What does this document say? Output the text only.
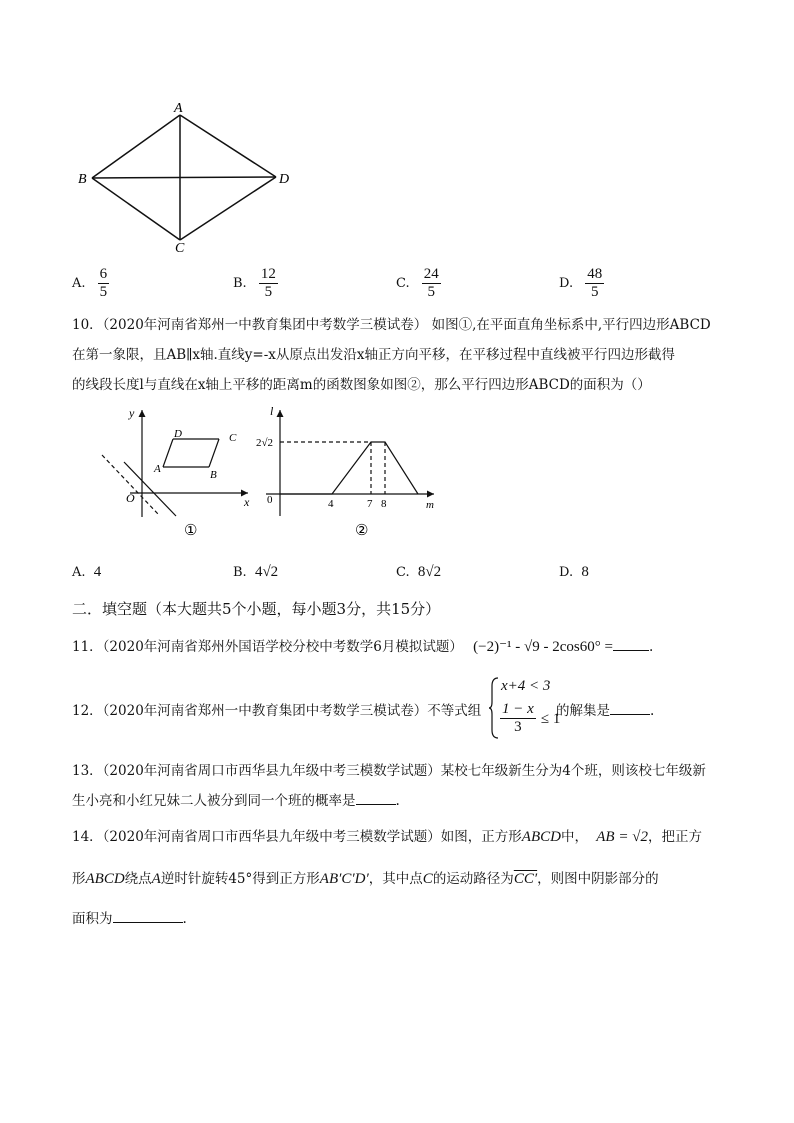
A
B
C
D
A. $\frac{6}{5}$	B. $\frac{12}{5}$	C. $\frac{24}{5}$	D. $\frac{48}{5}$
10．（2020年河南省郑州一中教育集团中考数学三模试卷） 如图①,在平面直角坐标系中,平行四边形ABCD
在第一象限，且AB∥x轴.直线y=-x从原点出发沿x轴正方向平移，在平移过程中直线被平行四边形截得
的线段长度l与直线在x轴上平移的距离m的函数图象如图②，那么平行四边形ABCD的面积为（）
y
x
O
A	B
C
D
①
l
m
0
2√2
4	7 8
②
A. 4	B. 4√2	C. 8√2	D. 8
二．填空题（本大题共5个小题，每小题3分，共15分）
11．（2020年河南省郑州外国语学校分校中考数学6月模拟试题） (−2)⁻¹ - √9 - 2cos60° =	.
12．（2020年河南省郑州一中教育集团中考数学三模试卷）不等式组
x+4 < 3
$\frac{1 - x}{3} \le 1$
的解集是	.
13．（2020年河南省周口市西华县九年级中考三模数学试题）某校七年级新生分为4个班，则该校七年级新
生小亮和小红兄妹二人被分到同一个班的概率是	.
14．（2020年河南省周口市西华县九年级中考三模数学试题）如图，正方形ABCD中， AB = √2，把正方
形ABCD绕点A逆时针旋转45°得到正方形AB′C′D′，其中点C的运动路径为CC′，则图中阴影部分的
面积为	.
